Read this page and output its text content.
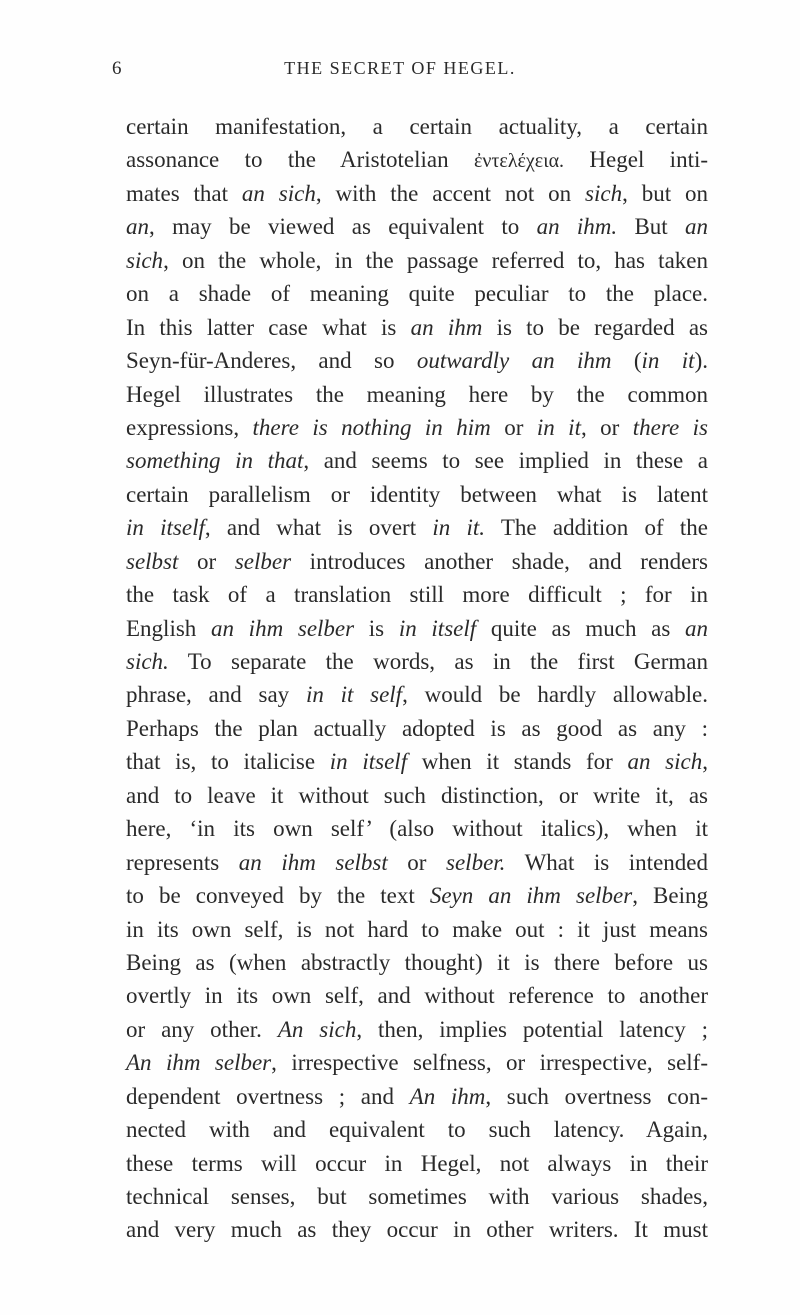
6	THE SECRET OF HEGEL.
certain manifestation, a certain actuality, a certain
assonance to the Aristotelian ἐντελέχεια. Hegel inti-
mates that an sich, with the accent not on sich, but on
an, may be viewed as equivalent to an ihm. But an
sich, on the whole, in the passage referred to, has taken
on a shade of meaning quite peculiar to the place.
In this latter case what is an ihm is to be regarded as
Seyn-für-Anderes, and so outwardly an ihm (in it).
Hegel illustrates the meaning here by the common
expressions, there is nothing in him or in it, or there is
something in that, and seems to see implied in these a
certain parallelism or identity between what is latent
in itself, and what is overt in it. The addition of the
selbst or selber introduces another shade, and renders
the task of a translation still more difficult ; for in
English an ihm selber is in itself quite as much as an
sich. To separate the words, as in the first German
phrase, and say in it self, would be hardly allowable.
Perhaps the plan actually adopted is as good as any :
that is, to italicise in itself when it stands for an sich,
and to leave it without such distinction, or write it, as
here, ‘in its own self’ (also without italics), when it
represents an ihm selbst or selber. What is intended
to be conveyed by the text Seyn an ihm selber, Being
in its own self, is not hard to make out : it just means
Being as (when abstractly thought) it is there before us
overtly in its own self, and without reference to another
or any other. An sich, then, implies potential latency ;
An ihm selber, irrespective selfness, or irrespective, self-
dependent overtness ; and An ihm, such overtness con-
nected with and equivalent to such latency. Again,
these terms will occur in Hegel, not always in their
technical senses, but sometimes with various shades,
and very much as they occur in other writers. It must
